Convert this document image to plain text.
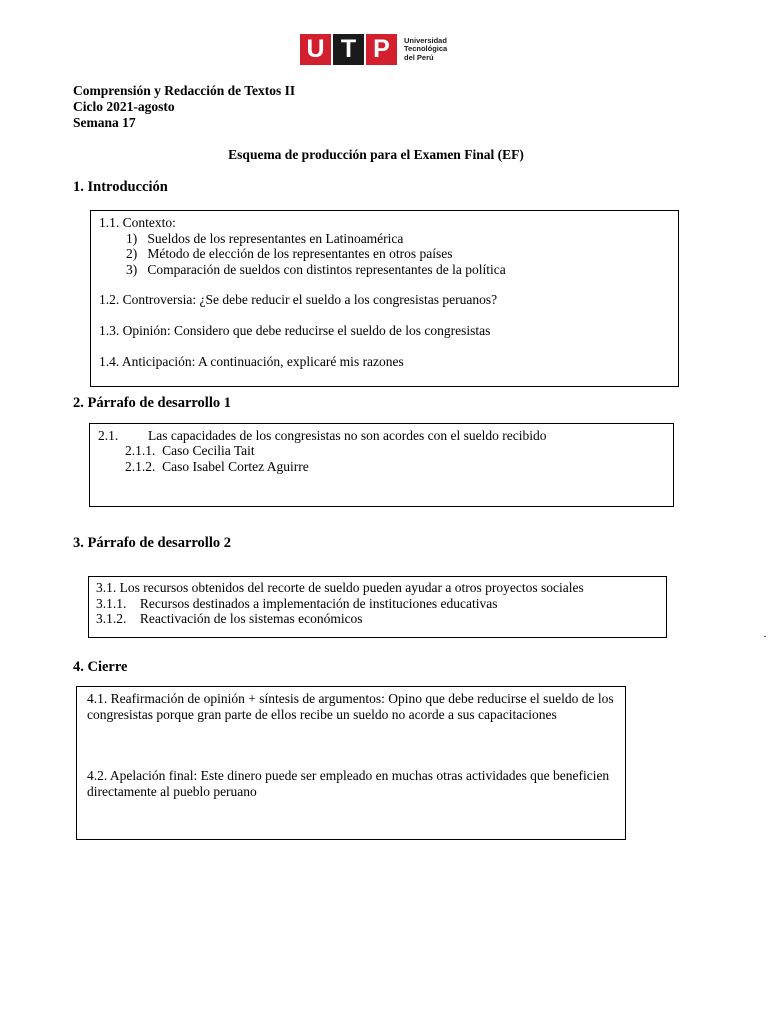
U T P	Universidad
Tecnológica
del Perú
Comprensión y Redacción de Textos II
Ciclo 2021-agosto
Semana 17
Esquema de producción para el Examen Final (EF)
1. Introducción
1.1. Contexto:
1)   Sueldos de los representantes en Latinoamérica
2)   Método de elección de los representantes en otros países
3)   Comparación de sueldos con distintos representantes de la política
1.2. Controversia: ¿Se debe reducir el sueldo a los congresistas peruanos?
1.3. Opinión: Considero que debe reducirse el sueldo de los congresistas
1.4. Anticipación: A continuación, explicaré mis razones
2. Párrafo de desarrollo 1
2.1. Las capacidades de los congresistas no son acordes con el sueldo recibido
2.1.1.  Caso Cecilia Tait
2.1.2.  Caso Isabel Cortez Aguirre
3. Párrafo de desarrollo 2
3.1. Los recursos obtenidos del recorte de sueldo pueden ayudar a otros proyectos sociales
3.1.1.    Recursos destinados a implementación de instituciones educativas
3.1.2.    Reactivación de los sistemas económicos
4. Cierre
4.1. Reafirmación de opinión + síntesis de argumentos: Opino que debe reducirse el sueldo de los congresistas porque gran parte de ellos recibe un sueldo no acorde a sus capacitaciones
4.2. Apelación final: Este dinero puede ser empleado en muchas otras actividades que beneficien directamente al pueblo peruano
